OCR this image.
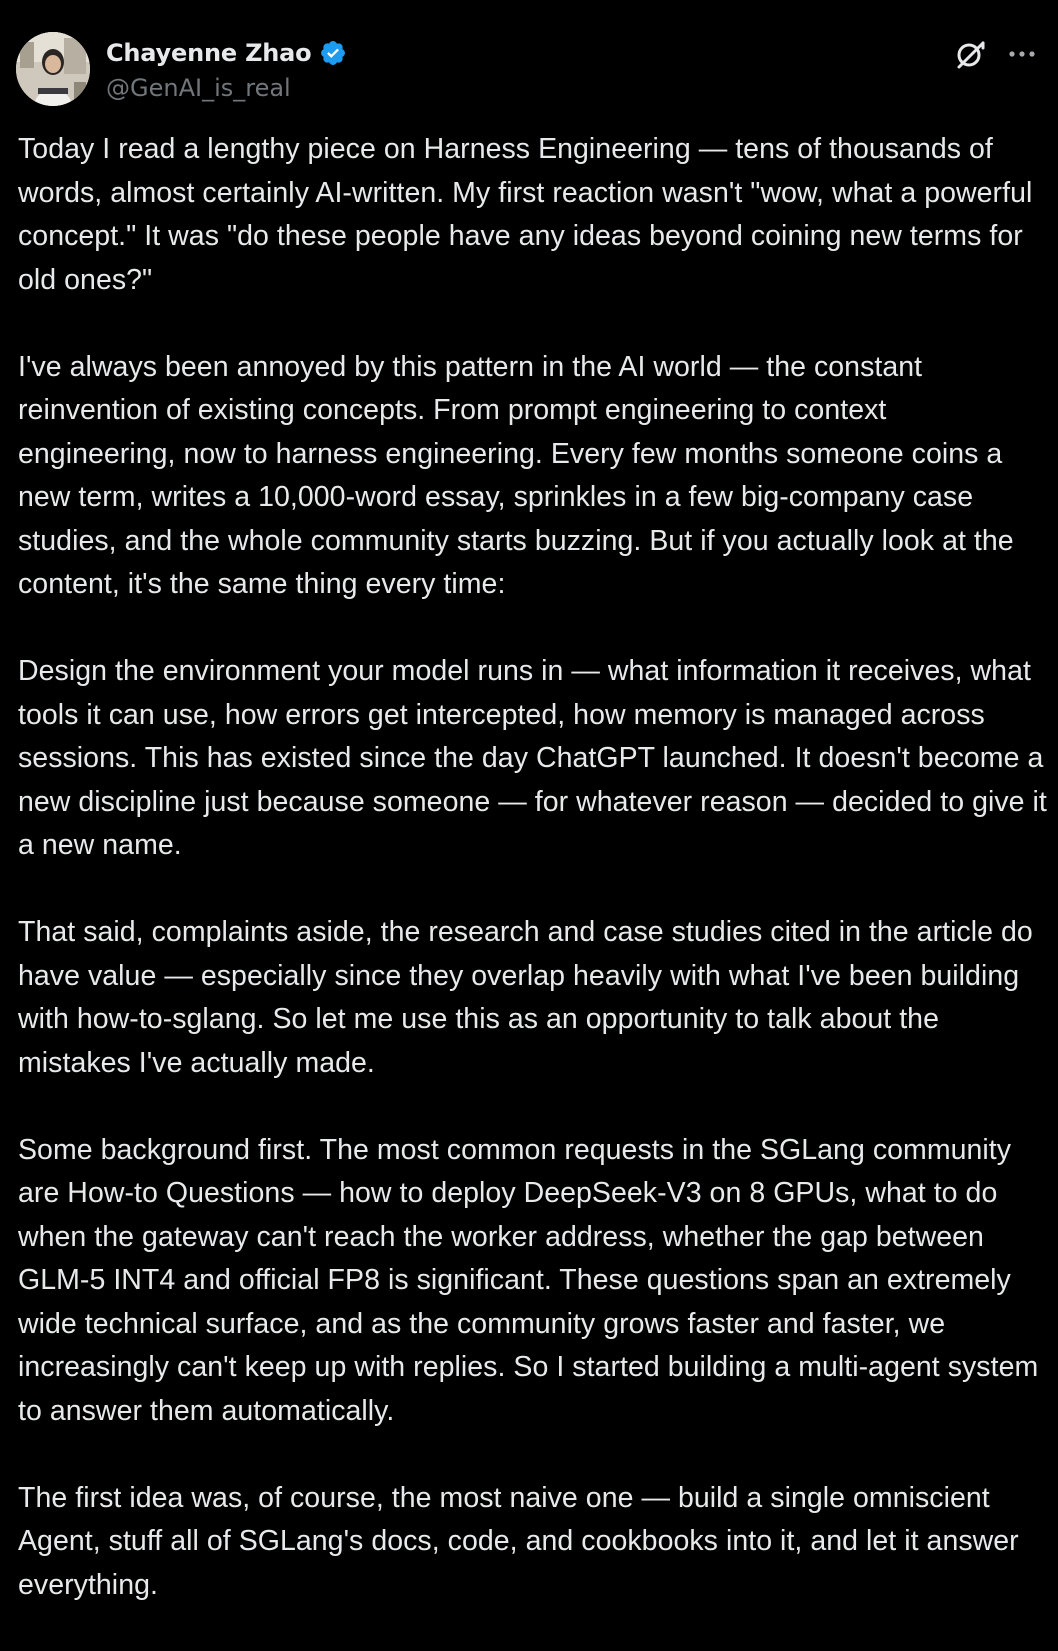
Chayenne Zhao
@GenAI_is_real

Today I read a lengthy piece on Harness Engineering — tens of thousands of words, almost certainly AI-written. My first reaction wasn't "wow, what a powerful concept." It was "do these people have any ideas beyond coining new terms for old ones?"

I've always been annoyed by this pattern in the AI world — the constant reinvention of existing concepts. From prompt engineering to context engineering, now to harness engineering. Every few months someone coins a new term, writes a 10,000-word essay, sprinkles in a few big-company case studies, and the whole community starts buzzing. But if you actually look at the content, it's the same thing every time:

Design the environment your model runs in — what information it receives, what tools it can use, how errors get intercepted, how memory is managed across sessions. This has existed since the day ChatGPT launched. It doesn't become a new discipline just because someone — for whatever reason — decided to give it a new name.

That said, complaints aside, the research and case studies cited in the article do have value — especially since they overlap heavily with what I've been building with how-to-sglang. So let me use this as an opportunity to talk about the mistakes I've actually made.

Some background first. The most common requests in the SGLang community are How-to Questions — how to deploy DeepSeek-V3 on 8 GPUs, what to do when the gateway can't reach the worker address, whether the gap between GLM-5 INT4 and official FP8 is significant. These questions span an extremely wide technical surface, and as the community grows faster and faster, we increasingly can't keep up with replies. So I started building a multi-agent system to answer them automatically.

The first idea was, of course, the most naive one — build a single omniscient Agent, stuff all of SGLang's docs, code, and cookbooks into it, and let it answer everything.
